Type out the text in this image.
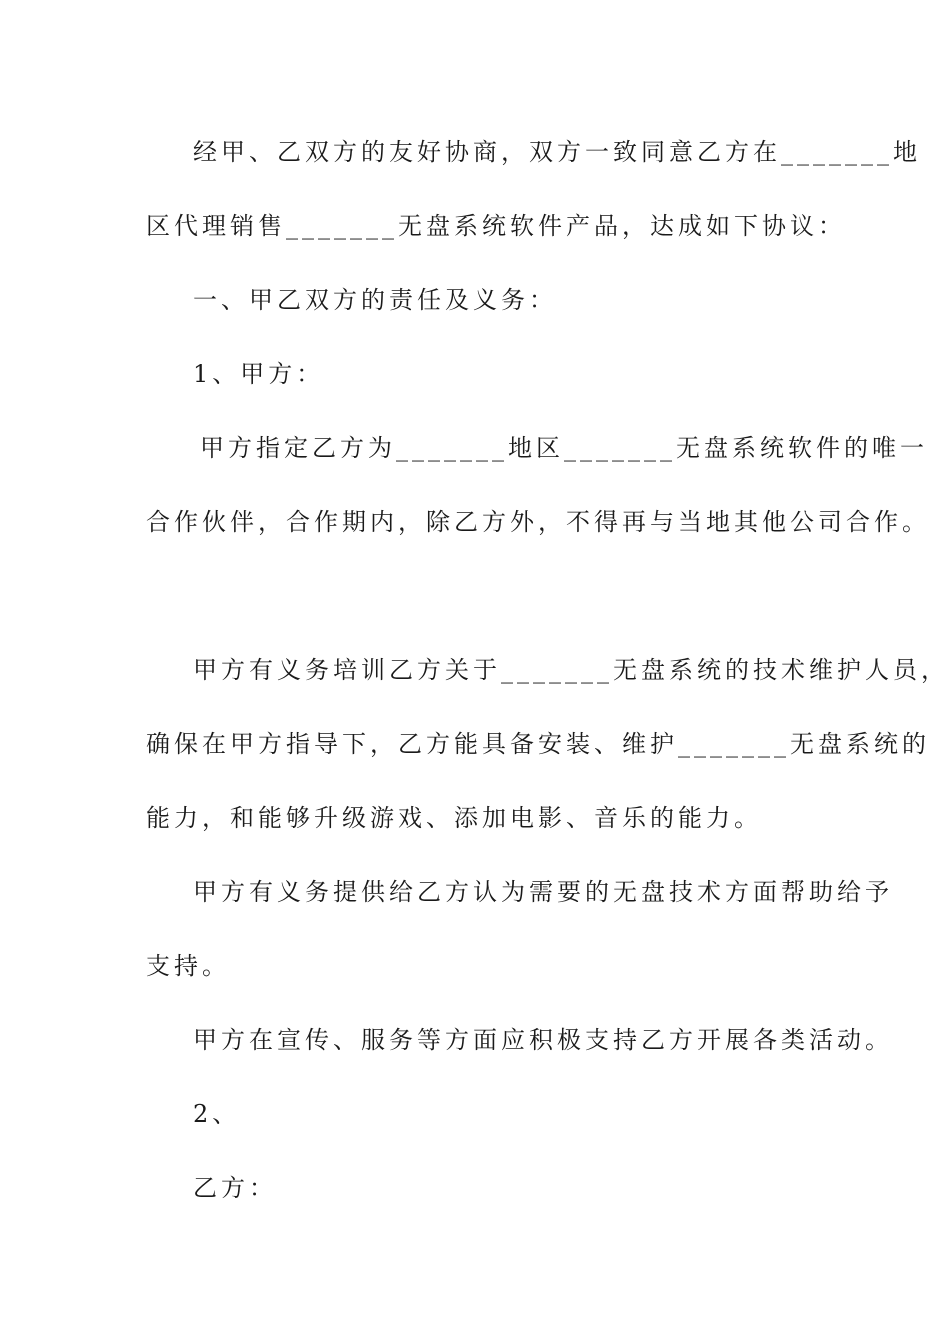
经甲、乙双方的友好协商，双方一致同意乙方在_______地

区代理销售_______无盘系统软件产品，达成如下协议：

一、甲乙双方的责任及义务：

1、甲方：

甲方指定乙方为_______地区_______无盘系统软件的唯一

合作伙伴，合作期内，除乙方外，不得再与当地其他公司合作。

甲方有义务培训乙方关于_______无盘系统的技术维护人员，

确保在甲方指导下，乙方能具备安装、维护_______无盘系统的

能力，和能够升级游戏、添加电影、音乐的能力。

甲方有义务提供给乙方认为需要的无盘技术方面帮助给予

支持。

甲方在宣传、服务等方面应积极支持乙方开展各类活动。

2、

乙方：
